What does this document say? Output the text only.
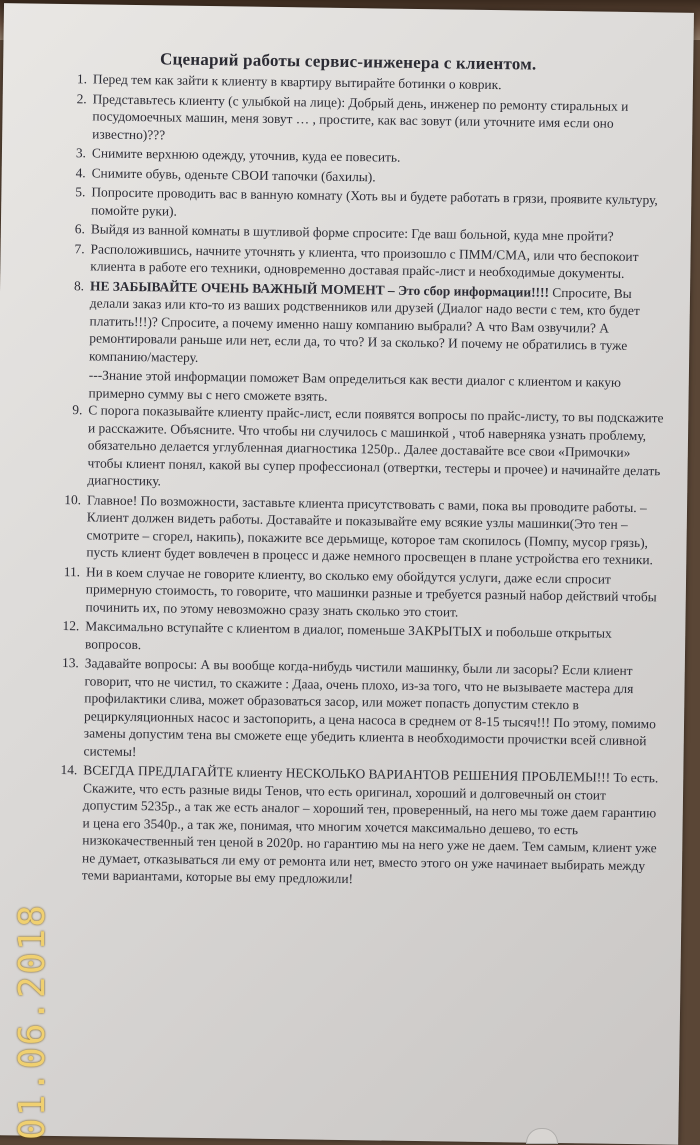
Сценарий работы сервис-инженера с клиентом.
1. Перед тем как зайти к клиенту в квартиру вытирайте ботинки о коврик.
2. Представьтесь клиенту (с улыбкой на лице): Добрый день, инженер по ремонту стиральных и посудомоечных машин, меня зовут … , простите, как вас зовут (или уточните имя если оно известно)???
3. Снимите верхнюю одежду, уточнив, куда ее повесить.
4. Снимите обувь, оденьте СВОИ тапочки (бахилы).
5. Попросите проводить вас в ванную комнату (Хоть вы и будете работать в грязи, проявите культуру, помойте руки).
6. Выйдя из ванной комнаты в шутливой форме спросите: Где ваш больной, куда мне пройти?
7. Расположившись, начните уточнять у клиента, что произошло с ПММ/СМА, или что беспокоит клиента в работе его техники, одновременно доставая прайс-лист и необходимые документы.
8. НЕ ЗАБЫВАЙТЕ ОЧЕНЬ ВАЖНЫЙ МОМЕНТ – Это сбор информации!!!! Спросите, Вы делали заказ или кто-то из ваших родственников или друзей (Диалог надо вести с тем, кто будет платить!!!)? Спросите, а почему именно нашу компанию выбрали? А что Вам озвучили? А ремонтировали раньше или нет, если да, то что? И за сколько? И почему не обратились в туже компанию/мастеру.
---Знание этой информации поможет Вам определиться как вести диалог с клиентом и какую примерно сумму вы с него сможете взять.
9. С порога показывайте клиенту прайс-лист, если появятся вопросы по прайс-листу, то вы подскажите и расскажите. Объясните. Что чтобы ни случилось с машинкой , чтоб наверняка узнать проблему, обязательно делается углубленная диагностика 1250р.. Далее доставайте все свои «Примочки» чтобы клиент понял, какой вы супер профессионал (отвертки, тестеры и прочее) и начинайте делать диагностику.
10. Главное! По возможности, заставьте клиента присутствовать с вами, пока вы проводите работы. – Клиент должен видеть работы. Доставайте и показывайте ему всякие узлы машинки(Это тен – смотрите – сгорел, накипь), покажите все дерьмище, которое там скопилось (Помпу, мусор грязь), пусть клиент будет вовлечен в процесс и даже немного просвещен в плане устройства его техники.
11. Ни в коем случае не говорите клиенту, во сколько ему обойдутся услуги, даже если спросит примерную стоимость, то говорите, что машинки разные и требуется разный набор действий чтобы починить их, по этому невозможно сразу знать сколько это стоит.
12. Максимально вступайте с клиентом в диалог, поменьше ЗАКРЫТЫХ и побольше открытых вопросов.
13. Задавайте вопросы: А вы вообще когда-нибудь чистили машинку, были ли засоры? Если клиент говорит, что не чистил, то скажите : Дааа, очень плохо, из-за того, что не вызываете мастера для профилактики слива, может образоваться засор, или может попасть допустим стекло в рециркуляционных насос и застопорить, а цена насоса в среднем от 8-15 тысяч!!! По этому, помимо замены допустим тена вы сможете еще убедить клиента в необходимости прочистки всей сливной системы!
14. ВСЕГДА ПРЕДЛАГАЙТЕ клиенту НЕСКОЛЬКО ВАРИАНТОВ РЕШЕНИЯ ПРОБЛЕМЫ!!! То есть. Скажите, что есть разные виды Тенов, что есть оригинал, хороший и долговечный он стоит допустим 5235р., а так же есть аналог – хороший тен, проверенный, на него мы тоже даем гарантию и цена его 3540р., а так же, понимая, что многим хочется максимально дешево, то есть низкокачественный тен ценой в 2020р. но гарантию мы на него уже не даем. Тем самым, клиент уже не думает, отказываться ли ему от ремонта или нет, вместо этого он уже начинает выбирать между теми вариантами, которые вы ему предложили!
01.06.2018
